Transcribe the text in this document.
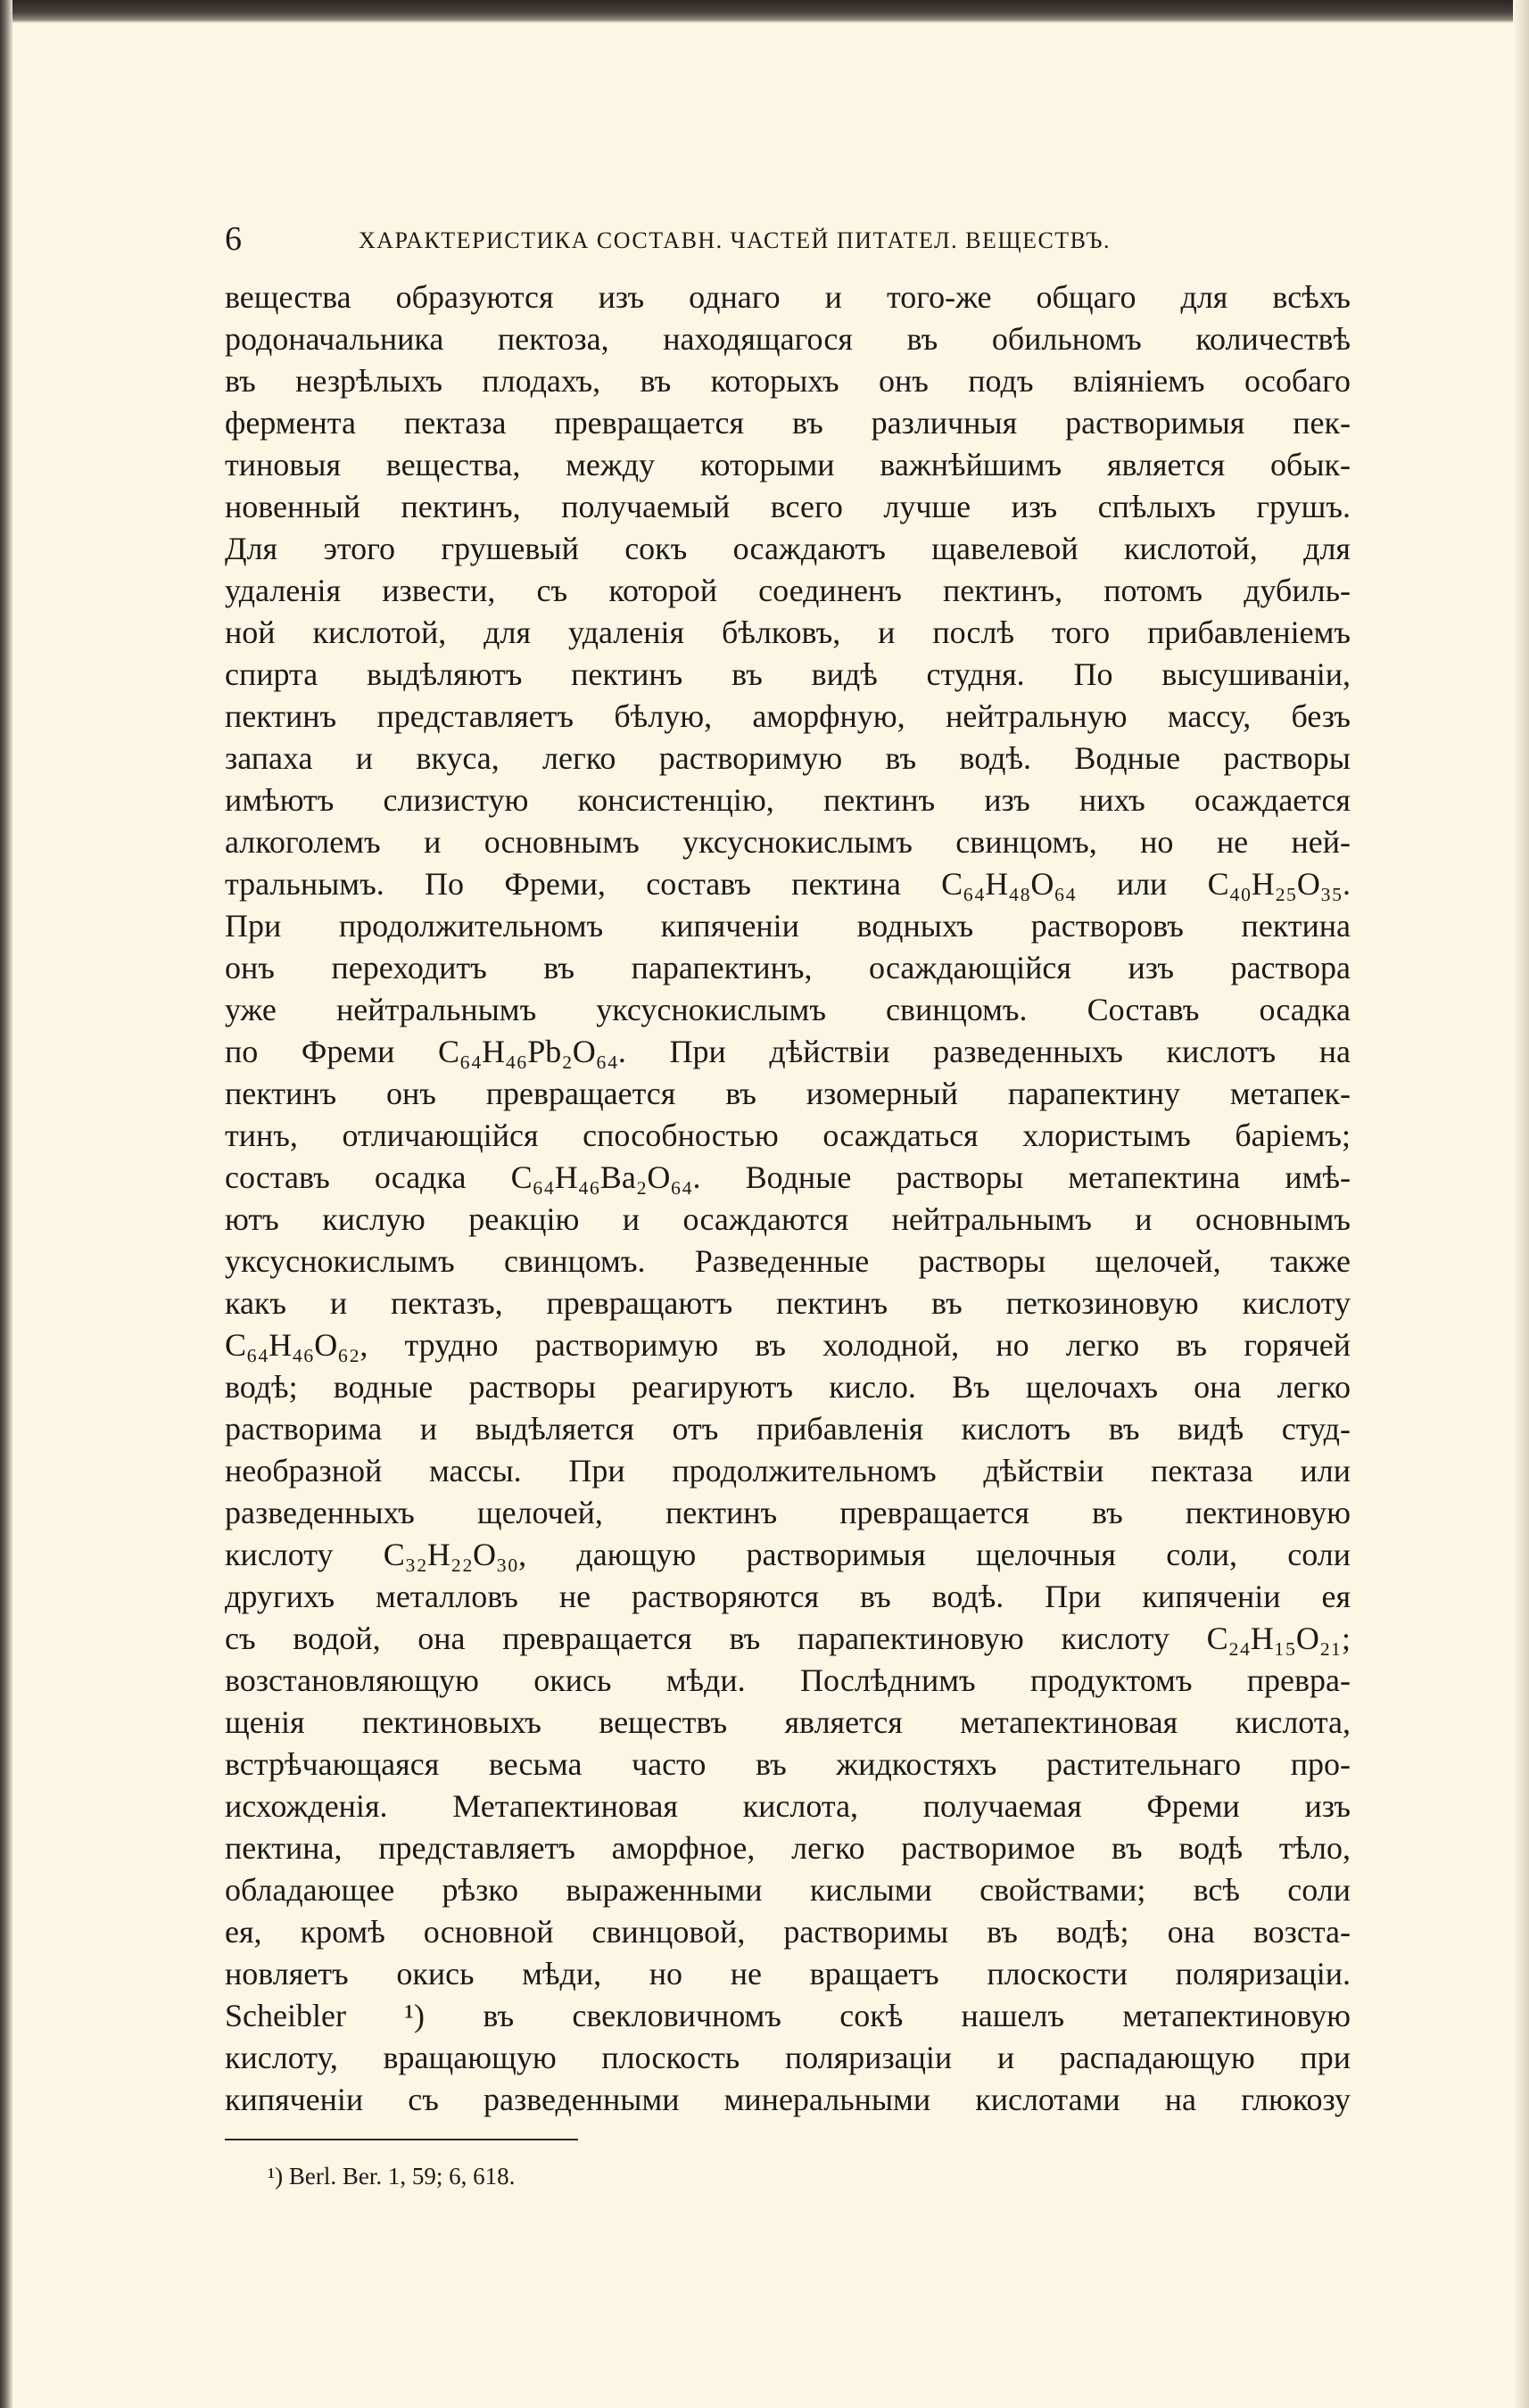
6	ХАРАКТЕРИСТИКА СОСТАВН. ЧАСТЕЙ ПИТАТЕЛ. ВЕЩЕСТВЪ.
вещества образуются изъ однаго и того-же общаго для всѣхъ
родоначальника пектоза, находящагося въ обильномъ количествѣ
въ незрѣлыхъ плодахъ, въ которыхъ онъ подъ вліяніемъ особаго
фермента пектаза превращается въ различныя растворимыя пек-
тиновыя вещества, между которыми важнѣйшимъ является обык-
новенный пектинъ, получаемый всего лучше изъ спѣлыхъ грушъ.
Для этого грушевый сокъ осаждаютъ щавелевой кислотой, для
удаленія извести, съ которой соединенъ пектинъ, потомъ дубиль-
ной кислотой, для удаленія бѣлковъ, и послѣ того прибавленіемъ
спирта выдѣляютъ пектинъ въ видѣ студня. По высушиваніи,
пектинъ представляетъ бѣлую, аморфную, нейтральную массу, безъ
запаха и вкуса, легко растворимую въ водѣ. Водные растворы
имѣютъ слизистую консистенцію, пектинъ изъ нихъ осаждается
алкоголемъ и основнымъ уксуснокислымъ свинцомъ, но не ней-
тральнымъ. По Фреми, составъ пектина C₆₄H₄₈O₆₄ или C₄₀H₂₅O₃₅.
При продолжительномъ кипяченіи водныхъ растворовъ пектина
онъ переходитъ въ парапектинъ, осаждающійся изъ раствора
уже нейтральнымъ уксуснокислымъ свинцомъ. Составъ осадка
по Фреми C₆₄H₄₆Pb₂O₆₄. При дѣйствіи разведенныхъ кислотъ на
пектинъ онъ превращается въ изомерный парапектину метапек-
тинъ, отличающійся способностью осаждаться хлористымъ баріемъ;
составъ осадка C₆₄H₄₆Ba₂O₆₄. Водные растворы метапектина имѣ-
ютъ кислую реакцію и осаждаются нейтральнымъ и основнымъ
уксуснокислымъ свинцомъ. Разведенные растворы щелочей, также
какъ и пектазъ, превращаютъ пектинъ въ петкозиновую кислоту
C₆₄H₄₆O₆₂, трудно растворимую въ холодной, но легко въ горячей
водѣ; водные растворы реагируютъ кисло. Въ щелочахъ она легко
растворима и выдѣляется отъ прибавленія кислотъ въ видѣ студ-
необразной массы. При продолжительномъ дѣйствіи пектаза или
разведенныхъ щелочей, пектинъ превращается въ пектиновую
кислоту C₃₂H₂₂O₃₀, дающую растворимыя щелочныя соли, соли
другихъ металловъ не растворяются въ водѣ. При кипяченіи ея
съ водой, она превращается въ парапектиновую кислоту C₂₄H₁₅O₂₁;
возстановляющую окись мѣди. Послѣднимъ продуктомъ превра-
щенія пектиновыхъ веществъ является метапектиновая кислота,
встрѣчающаяся весьма часто въ жидкостяхъ растительнаго про-
исхожденія. Метапектиновая кислота, получаемая Фреми изъ
пектина, представляетъ аморфное, легко растворимое въ водѣ тѣло,
обладающее рѣзко выраженными кислыми свойствами; всѣ соли
ея, кромѣ основной свинцовой, растворимы въ водѣ; она возста-
новляетъ окись мѣди, но не вращаетъ плоскости поляризаціи.
Scheibler ¹) въ свекловичномъ сокѣ нашелъ метапектиновую
кислоту, вращающую плоскость поляризаціи и распадающую при
кипяченіи съ разведенными минеральными кислотами на глюкозу
¹) Berl. Ber. 1, 59; 6, 618.
